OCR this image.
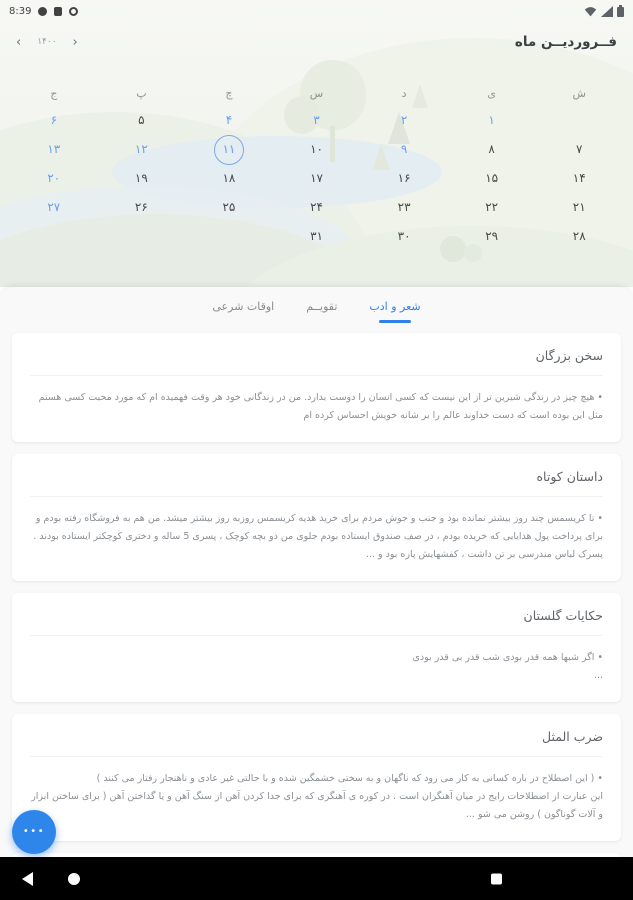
8:39
‹ ۱۴۰۰ ›	فــروردیــن ماه
ش
ی
د
س
چ
پ
ج
۱
۲
۳
۴
۵
۶
۷
۸
۹
۱۰
۱۱
۱۲
۱۳
۱۴
۱۵
۱۶
۱۷
۱۸
۱۹
۲۰
۲۱
۲۲
۲۳
۲۴
۲۵
۲۶
۲۷
۲۸
۲۹
۳۰
۳۱
شعر و ادب
تقویــم
اوقات شرعی
سخن بزرگان
• هیچ چیز در زندگی شیرین تر از این نیست که کسی انسان را دوست بدارد. من در زندگانی خود هر وقت فهمیده ام که مورد محبت کسی هستم مثل این بوده است که دست خداوند عالم را بر شانه خویش احساس کرده ام
داستان کوتاه
• تا کریسمس چند روز بیشتر نمانده بود و جنب و جوش مردم برای خرید هدیه کریسمس روزبه روز بیشتر میشد. من هم به فروشگاه رفته بودم و برای پرداخت پول هدایایی که خریده بودم ، در صف صندوق ایستاده بودم جلوی من دو بچه کوچک ، پسری 5 ساله و دختری کوچکتر ایستاده بودند . پسرک لباس مندرسی بر تن داشت ، کفشهایش پاره بود و ...
حکایات گلستان
• اگر شبها همه قدر بودی شب قدر بی قدر بودی
...
ضرب المثل
• ( این اصطلاح در باره کسانی به کار می رود که ناگهان و به سختی خشمگین شده و با حالتی غیر عادی و ناهنجار رفتار می کنند )
این عبارت از اصطلاحات رایج در میان آهنگران است . در کوره ی آهنگری که برای جدا کردن آهن از سنگ آهن و یا گداختن آهن ( برای ساختن ابزار و آلات گوناگون ) روشن می شو ...
•••
